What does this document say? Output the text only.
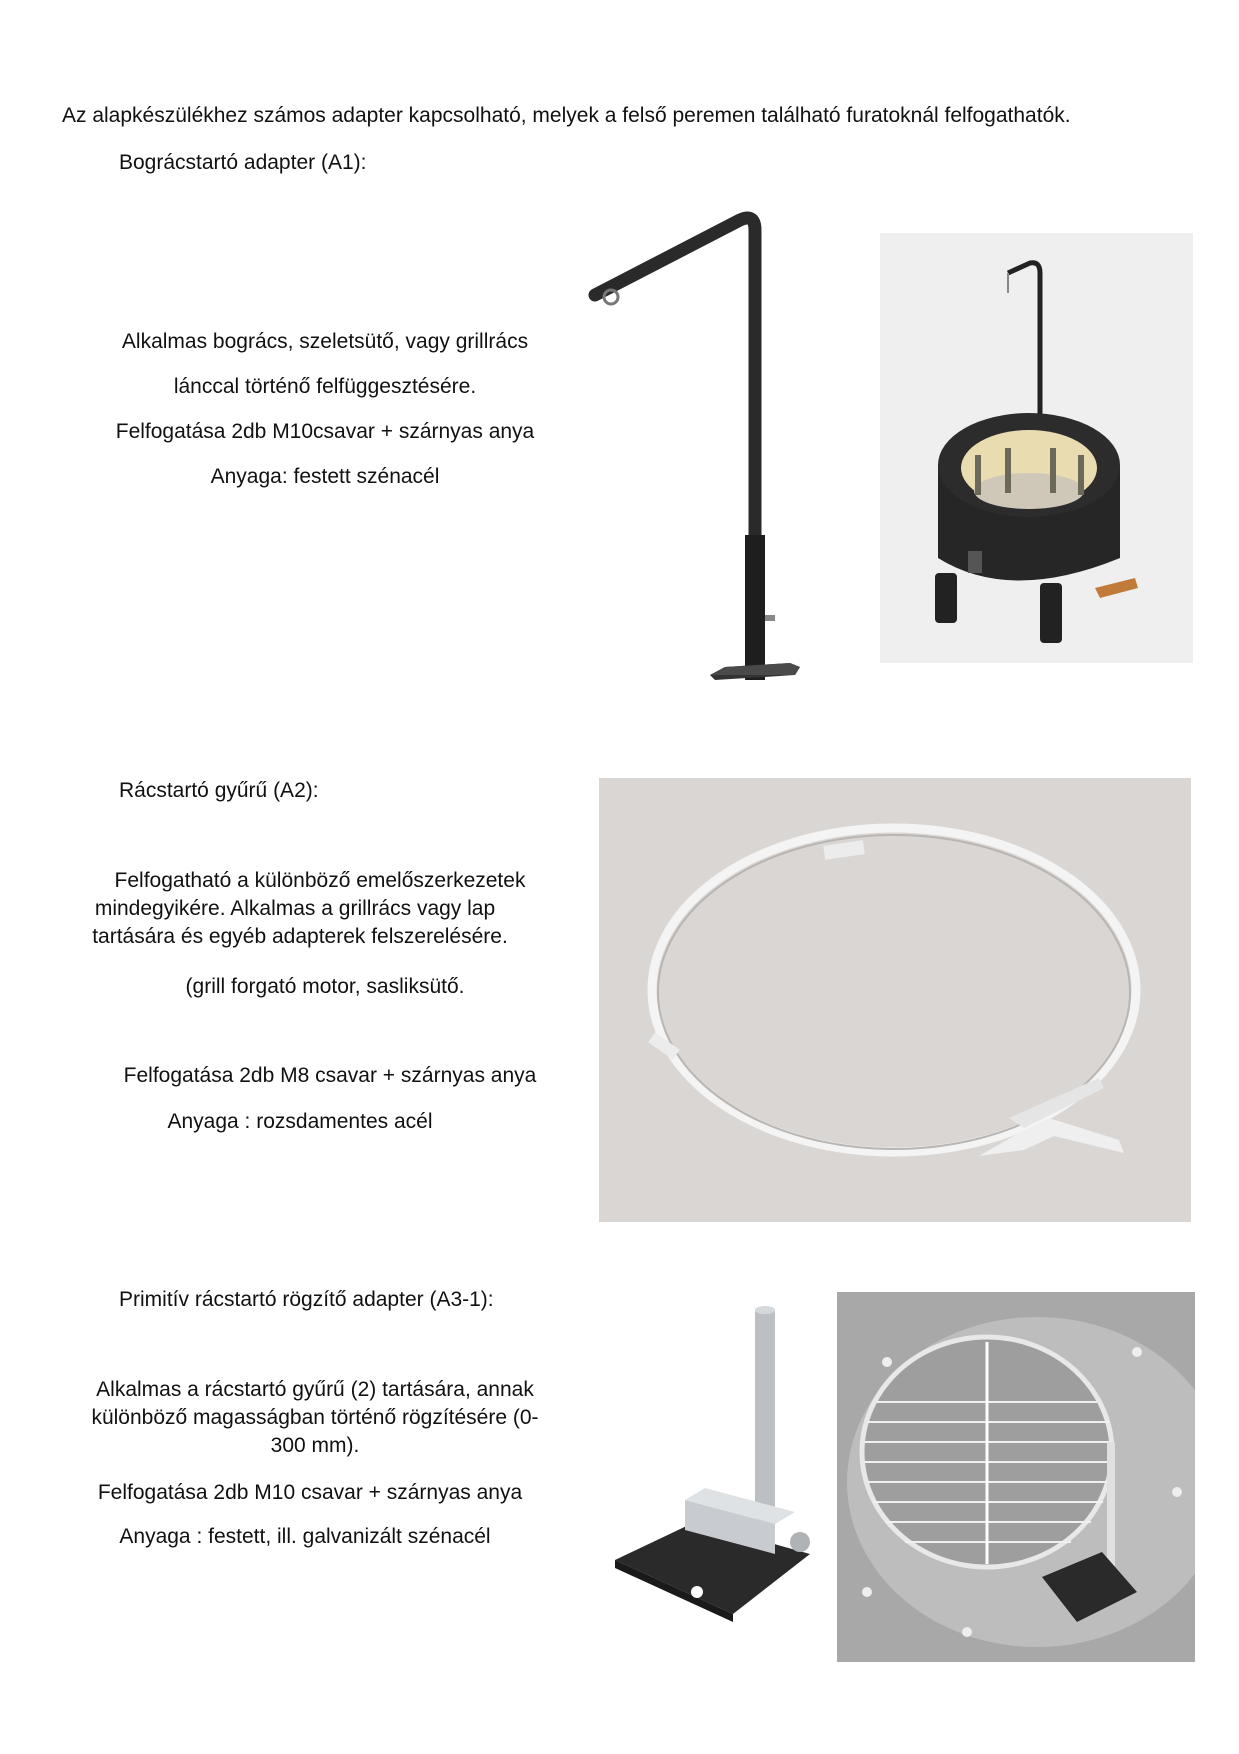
Az alapkészülékhez számos adapter kapcsolható, melyek a felső peremen található furatoknál felfogathatók.
Bográcstartó adapter (A1):
Alkalmas bogrács, szeletsütő, vagy grillrács
lánccal történő felfüggesztésére.
Felfogatása 2db M10csavar + szárnyas anya
Anyaga: festett szénacél
Rácstartó gyűrű (A2):
Felfogatható a különböző emelőszerkezetek
mindegyikére. Alkalmas a grillrács vagy lap
tartására és egyéb adapterek felszerelésére.
(grill forgató motor, sasliksütő.
Felfogatása 2db M8 csavar + szárnyas anya
Anyaga : rozsdamentes acél
Primitív rácstartó rögzítő adapter (A3-1):
Alkalmas a rácstartó gyűrű (2) tartására, annak
különböző magasságban történő rögzítésére (0-
300 mm).
Felfogatása 2db M10 csavar + szárnyas anya
Anyaga : festett, ill. galvanizált szénacél
